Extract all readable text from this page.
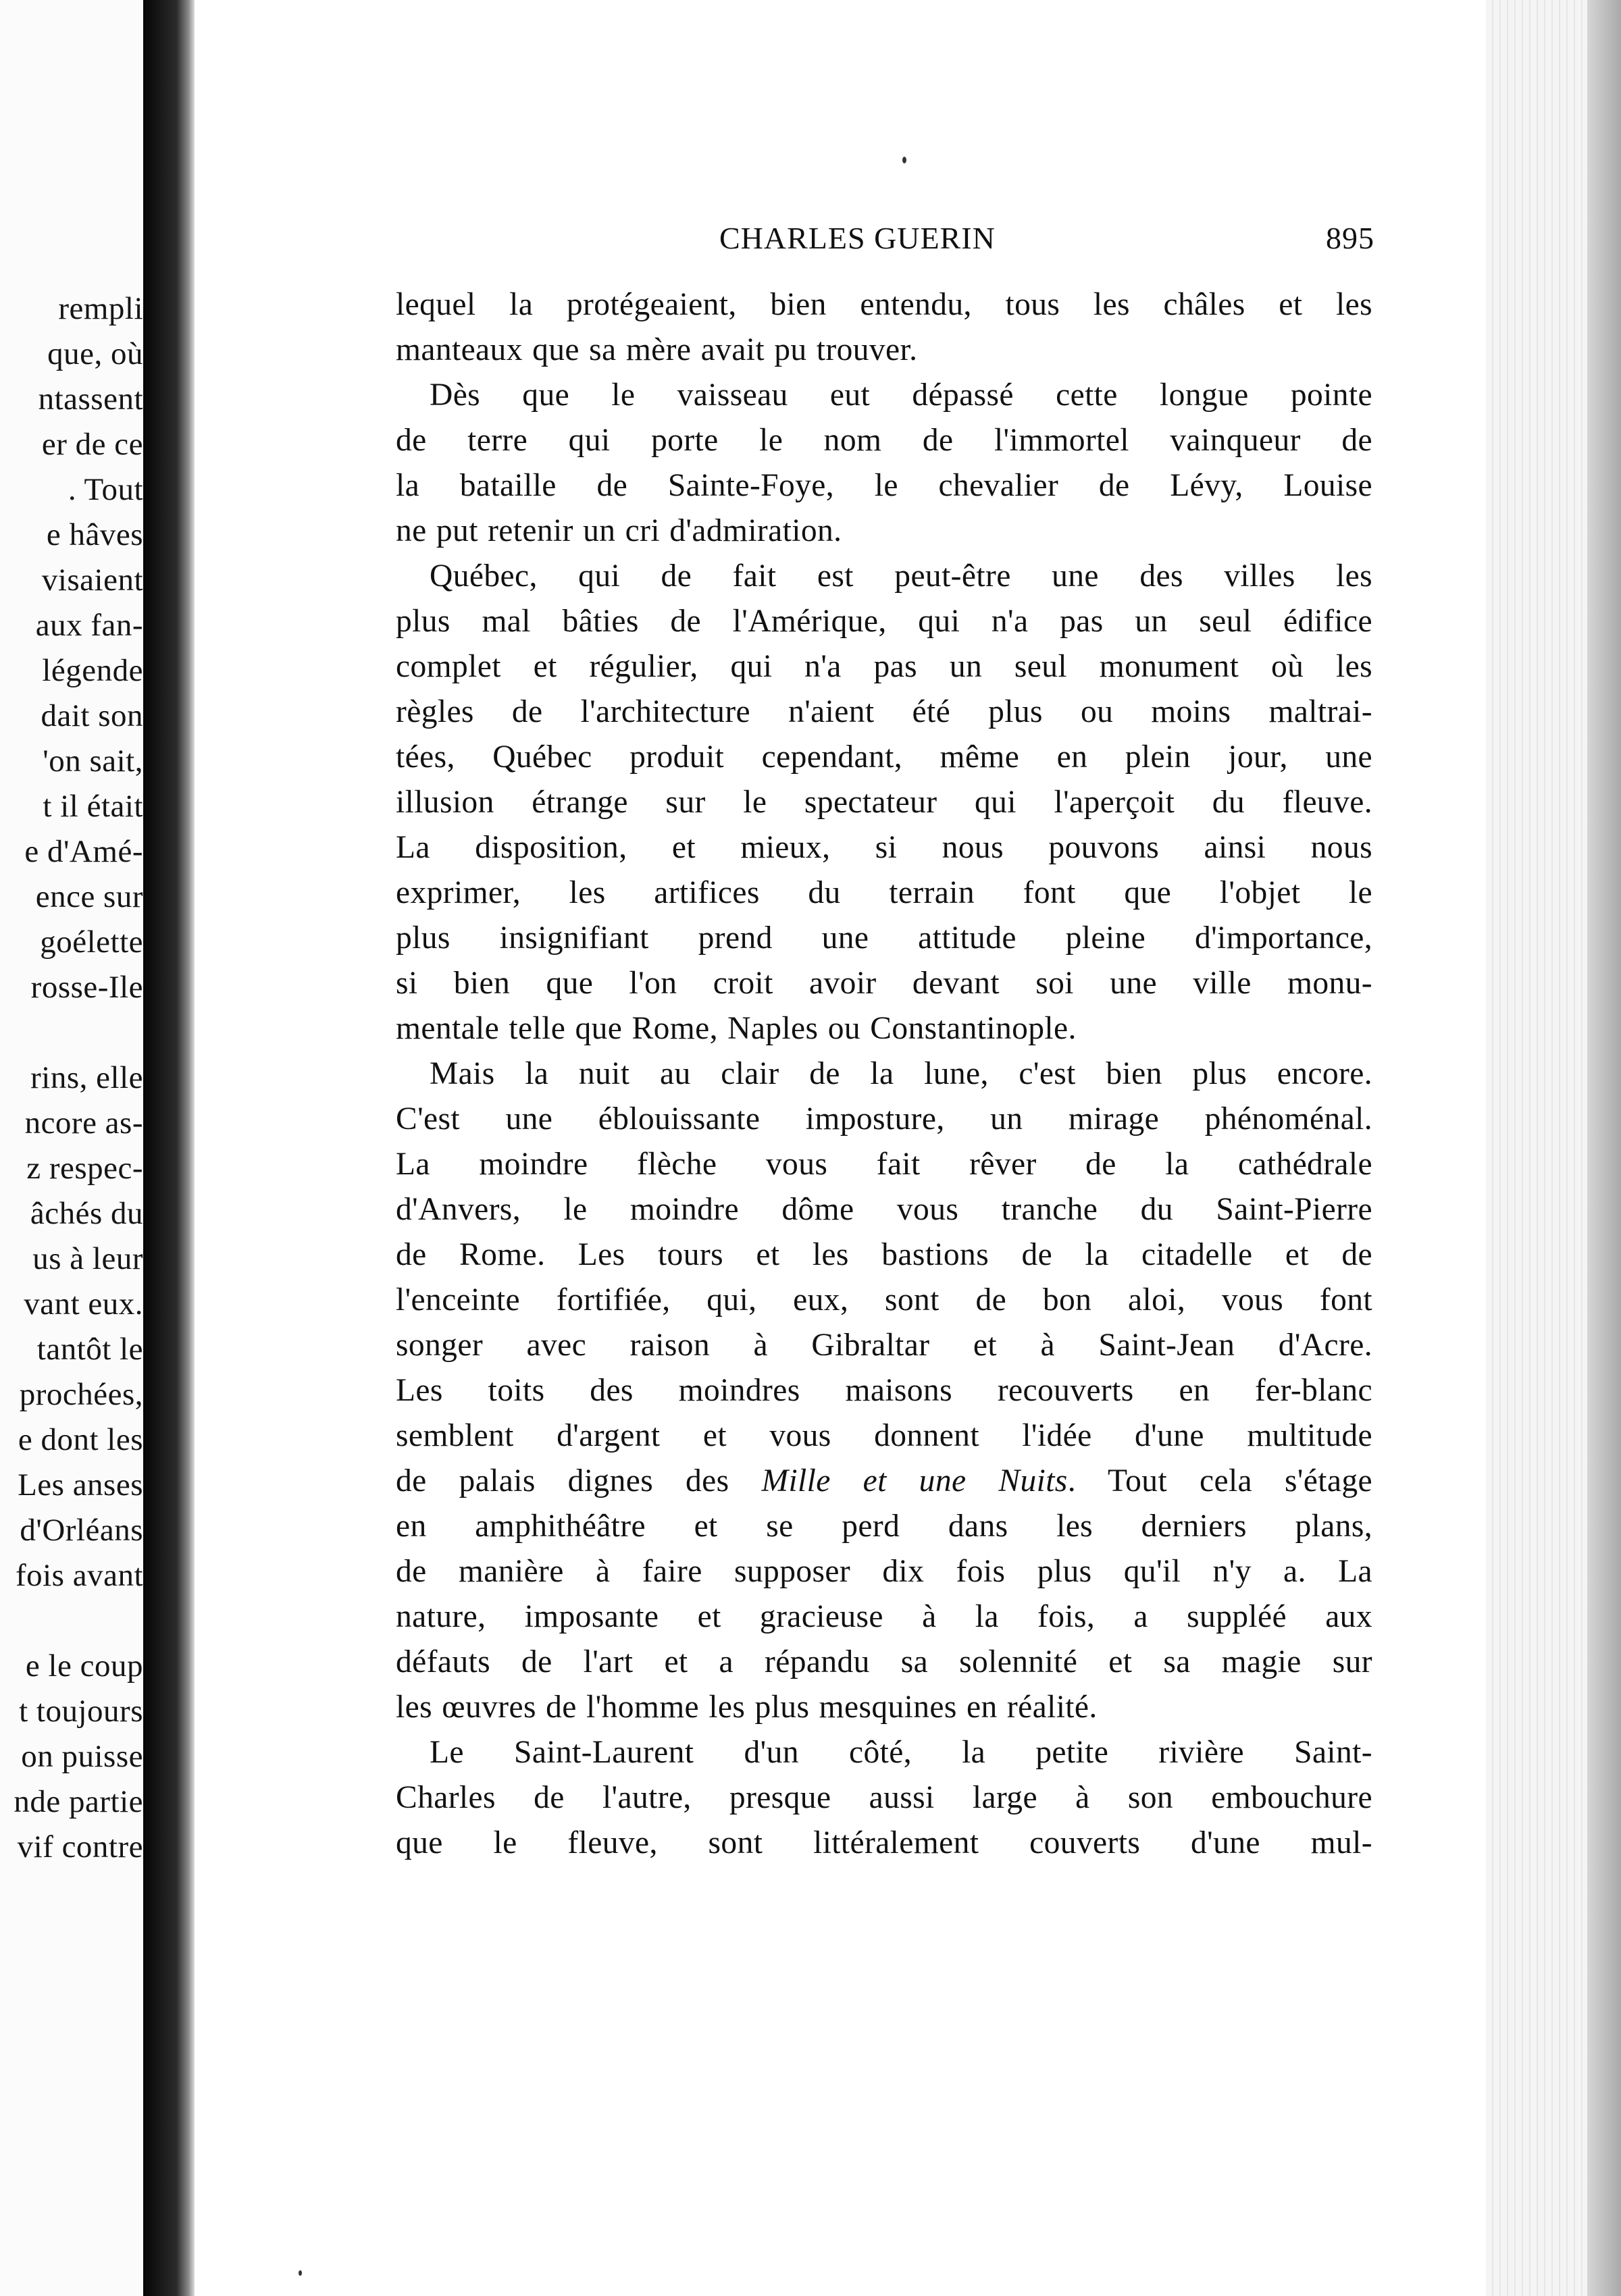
rempli
que, où
ntassent
er de ce
. Tout
e hâves
visaient
aux fan-
légende
dait son
'on sait,
t il était
e d'Amé-
ence sur
goélette
rosse-Ile
rins, elle
ncore as-
z respec-
âchés du
us à leur
vant eux.
tantôt le
prochées,
e dont les
Les anses
d'Orléans
fois avant
e le coup
t toujours
on puisse
nde partie
vif contre
CHARLES GUERIN	895
lequel la protégeaient, bien entendu, tous les châles et les
manteaux que sa mère avait pu trouver.
Dès que le vaisseau eut dépassé cette longue pointe
de terre qui porte le nom de l'immortel vainqueur de
la bataille de Sainte-Foye, le chevalier de Lévy, Louise
ne put retenir un cri d'admiration.
Québec, qui de fait est peut-être une des villes les
plus mal bâties de l'Amérique, qui n'a pas un seul édifice
complet et régulier, qui n'a pas un seul monument où les
règles de l'architecture n'aient été plus ou moins maltrai-
tées, Québec produit cependant, même en plein jour, une
illusion étrange sur le spectateur qui l'aperçoit du fleuve.
La disposition, et mieux, si nous pouvons ainsi nous
exprimer, les artifices du terrain font que l'objet le
plus insignifiant prend une attitude pleine d'importance,
si bien que l'on croit avoir devant soi une ville monu-
mentale telle que Rome, Naples ou Constantinople.
Mais la nuit au clair de la lune, c'est bien plus encore.
C'est une éblouissante imposture, un mirage phénoménal.
La moindre flèche vous fait rêver de la cathédrale
d'Anvers, le moindre dôme vous tranche du Saint-Pierre
de Rome. Les tours et les bastions de la citadelle et de
l'enceinte fortifiée, qui, eux, sont de bon aloi, vous font
songer avec raison à Gibraltar et à Saint-Jean d'Acre.
Les toits des moindres maisons recouverts en fer-blanc
semblent d'argent et vous donnent l'idée d'une multitude
de palais dignes des Mille et une Nuits. Tout cela s'étage
en amphithéâtre et se perd dans les derniers plans,
de manière à faire supposer dix fois plus qu'il n'y a. La
nature, imposante et gracieuse à la fois, a suppléé aux
défauts de l'art et a répandu sa solennité et sa magie sur
les œuvres de l'homme les plus mesquines en réalité.
Le Saint-Laurent d'un côté, la petite rivière Saint-
Charles de l'autre, presque aussi large à son embouchure
que le fleuve, sont littéralement couverts d'une mul-
